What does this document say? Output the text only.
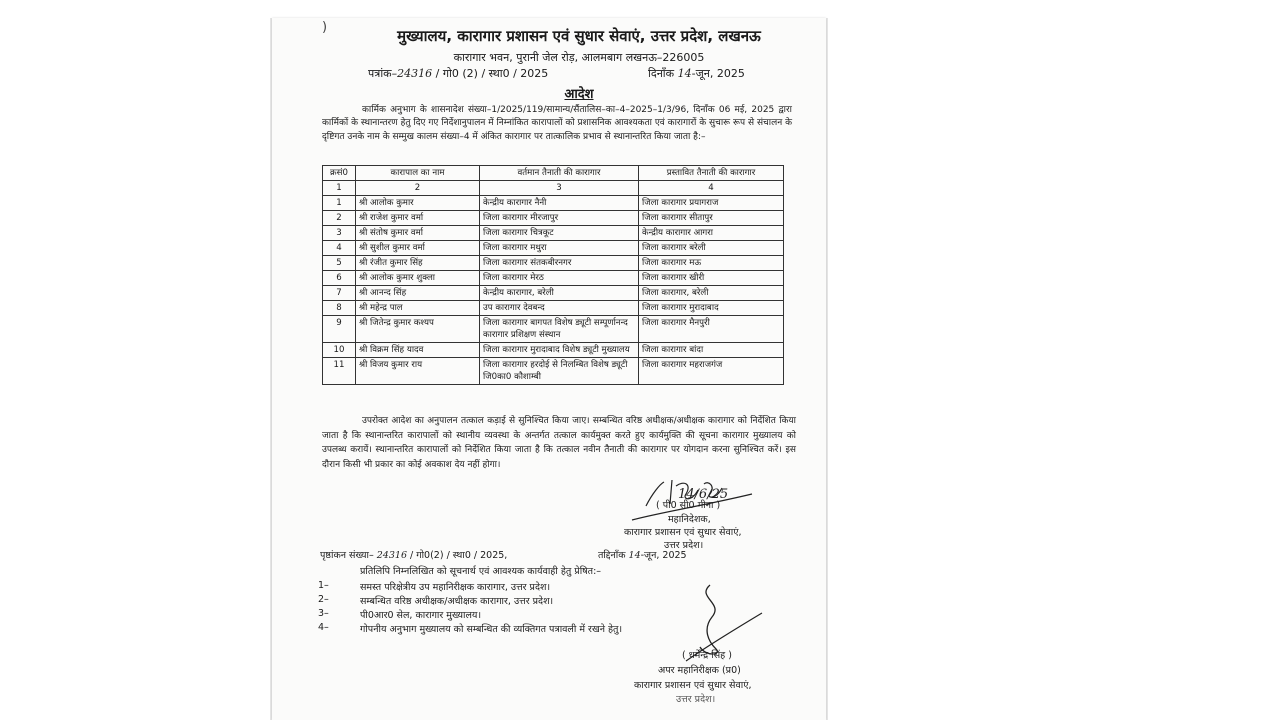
)	मुख्यालय, कारागार प्रशासन एवं सुधार सेवाएं, उत्तर प्रदेश, लखनऊ
कारागार भवन, पुरानी जेल रोड़, आलमबाग लखनऊ–226005
पत्रांक–24316 / गो0 (2) / स्था0 / 2025	दिनाँक 14-जून, 2025
आदेश
कार्मिक अनुभाग के शासनादेश संख्या–1/2025/119/सामान्य/सैंतालिस–का–4–2025–1/3/96, दिनाँक 06 मई, 2025 द्वारा कार्मिकों के स्थानान्तरण हेतु दिए गए निर्देशानुपालन में निम्नांकित कारापालों को प्रशासनिक आवश्यकता एवं कारागारों के सुचारू रूप से संचालन के दृष्टिगत उनके नाम के सम्मुख कालम संख्या–4 में अंकित कारागार पर तात्कालिक प्रभाव से स्थानान्तरित किया जाता है:–
क्रसं0	कारापाल का नाम	वर्तमान तैनाती की कारागार	प्रस्तावित तैनाती की कारागार
1	2	3	4
1	श्री आलोक कुमार	केन्द्रीय कारागार नैनी	जिला कारागार प्रयागराज
2	श्री राजेश कुमार वर्मा	जिला कारागार मीरजापुर	जिला कारागार सीतापुर
3	श्री संतोष कुमार वर्मा	जिला कारागार चित्रकूट	केन्द्रीय कारागार आगरा
4	श्री सुशील कुमार वर्मा	जिला कारागार मथुरा	जिला कारागार बरेली
5	श्री रंजीत कुमार सिंह	जिला कारागार संतकबीरनगर	जिला कारागार मऊ
6	श्री आलोक कुमार शुक्ला	जिला कारागार मेरठ	जिला कारागार खीरी
7	श्री आनन्द सिंह	केन्द्रीय कारागार, बरेली	जिला कारागार, बरेली
8	श्री महेन्द्र पाल	उप कारागार देवबन्द	जिला कारागार मुरादाबाद
9	श्री जितेन्द्र कुमार कश्यप	जिला कारागार बागपत विशेष ड्यूटी सम्पूर्णानन्द कारागार प्रशिक्षण संस्थान	जिला कारागार मैनपुरी
10	श्री विक्रम सिंह यादव	जिला कारागार मुरादाबाद विशेष ड्यूटी मुख्यालय	जिला कारागार बांदा
11	श्री विजय कुमार राय	जिला कारागार हरदोई से निलम्बित विशेष ड्यूटी जि0का0 कौशाम्बी	जिला कारागार महराजगंज
उपरोक्त आदेश का अनुपालन तत्काल कड़ाई से सुनिश्चित किया जाए। सम्बन्धित वरिष्ठ अधीक्षक/अधीक्षक कारागार को निर्देशित किया जाता है कि स्थानान्तरित कारापालों को स्थानीय व्यवस्था के अन्तर्गत तत्काल कार्यमुक्त करते हुए कार्यमुक्ति की सूचना कारागार मुख्यालय को उपलब्ध करायें। स्थानान्तरित कारापालों को निर्देशित किया जाता है कि तत्काल नवीन तैनाती की कारागार पर योगदान करना सुनिश्चित करें। इस दौरान किसी भी प्रकार का कोई अवकाश देय नहीं होगा।
14/6/25
( पी0 सी0 मीना )
महानिदेशक,
कारागार प्रशासन एवं सुधार सेवाएं,
उत्तर प्रदेश।
पृष्ठांकन संख्या– 24316 / गो0(2) / स्था0 / 2025,	तद्दिनाँक 14-जून, 2025
प्रतिलिपि निम्नलिखित को सूचनार्थ एवं आवश्यक कार्यवाही हेतु प्रेषित:–
1–	समस्त परिक्षेत्रीय उप महानिरीक्षक कारागार, उत्तर प्रदेश।
2–	सम्बन्धित वरिष्ठ अधीक्षक/अधीक्षक कारागार, उत्तर प्रदेश।
3–	पी0आर0 सेल, कारागार मुख्यालय।
4–	गोपनीय अनुभाग मुख्यालय को सम्बन्धित की व्यक्तिगत पत्रावली में रखने हेतु।
( धर्मेन्द्र सिंह )
अपर महानिरीक्षक (प्र0)
कारागार प्रशासन एवं सुधार सेवाएं,
उत्तर प्रदेश।
